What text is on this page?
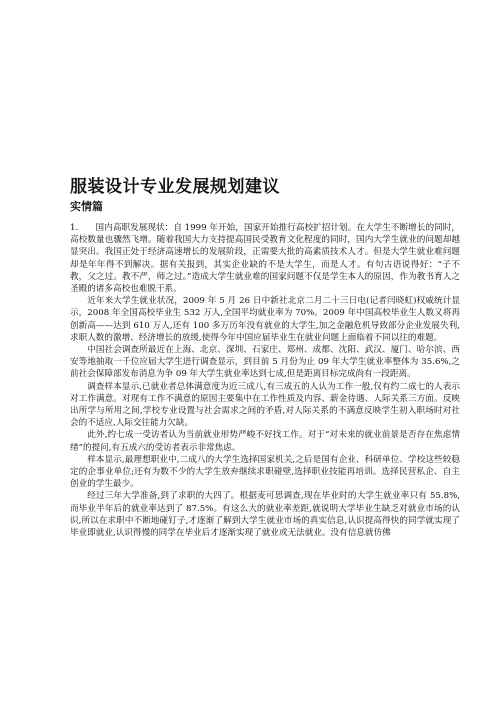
服装设计专业发展规划建议
实情篇

1.　　国内高职发展现状：自 1999 年开始，国家开始推行高校扩招计划。在大学生不断增长的同时，高校数量也骤然飞增。随着我国大力支持提高国民受教育文化程度的同时，国内大学生就业的问题却越显突出。我国正处于经济高速增长的发展阶段，正需要大批的高素质技术人才。但是大学生就业难问题却是年年得不到解决。据有关报到，其实企业缺的不是大学生，而是人才。有句古语说得好：“子不教，父之过。教不严，师之过。”造成大学生就业难的国家问题不仅是学生本人的原因，作为教书育人之圣殿的诸多高校也难脱干系。

近年来大学生就业状况，2009 年 5 月 26 日中新社北京二月二十三日电(记者闫晓虹)权威统计显示，2008 年全国高校毕业生 532 万人,全国平均就业率为 70%。2009 年中国高校毕业生人数又将再创新高——达到 610 万人,还有 100 多万历年没有就业的大学生,加之金融危机导致部分企业发展失利,求职人数的激增、经济增长的放缓,使得今年中国应届毕业生在就业问题上面临着不同以往的难题。

中国社会调查所最近在上海、北京、深圳、石家庄、郑州、成都、沈阳、武汉、厦门、哈尔滨、西安等地抽取一千位应届大学生进行调查显示，到目前 5 月份为止 09 年大学生就业率整体为 35.6%,之前社会保障部发布消息为争 09 年大学生就业率达到七成,但是距离目标完成尚有一段距离。

调查样本显示,已就业者总体满意度为近三成八,有三成五的人认为工作一般,仅有约二成七的人表示对工作满意。对现有工作不满意的原因主要集中在工作性质及内容、薪金待遇、人际关系三方面。反映出所学与所用之间,学校专业设置与社会需求之间的矛盾,对人际关系的不满意反映学生初入职场时对社会的不适应,人际交往能力欠缺。

此外,约七成一受访者认为当前就业形势严峻不好找工作。对于“对未来的就业前景是否存在焦虑情绪”的提问,有五成六的受访者表示非常焦虑。

样本显示,最理想职业中,二成八的大学生选择国家机关,之后是国有企业、科研单位、学校这些较稳定的企事业单位;还有为数不少的大学生放弃继续求职碰壁,选择职业技能再培训。选择民营私企、自主创业的学生最少。

经过三年大学准备,到了求职的大四了。根据麦可思调查,现在毕业时的大学生就业率只有 55.8%,而毕业半年后的就业率达到了 87.5%。有这么大的就业率差距,就说明大学毕业生缺乏对就业市场的认识,所以在求职中不断地碰钉子,才逐渐了解到大学生就业市场的真实信息,认识提高得快的同学就实现了毕业即就业,认识得慢的同学在毕业后才逐渐实现了就业或无法就业。没有信息就仿佛
